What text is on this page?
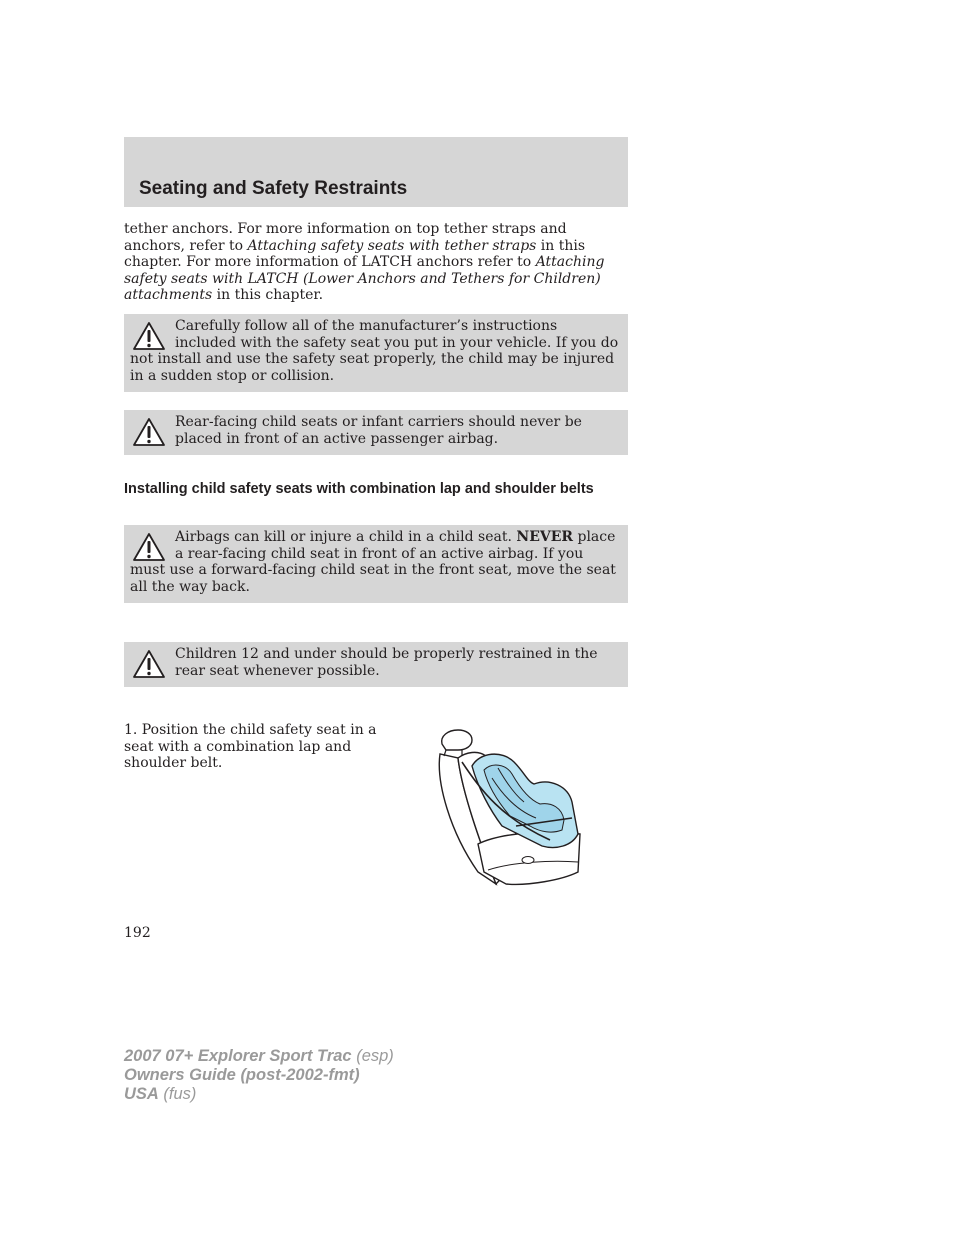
Seating and Safety Restraints

tether anchors. For more information on top tether straps and anchors, refer to Attaching safety seats with tether straps in this chapter. For more information of LATCH anchors refer to Attaching safety seats with LATCH (Lower Anchors and Tethers for Children) attachments in this chapter.

Carefully follow all of the manufacturer’s instructions included with the safety seat you put in your vehicle. If you do not install and use the safety seat properly, the child may be injured in a sudden stop or collision.

Rear-facing child seats or infant carriers should never be placed in front of an active passenger airbag.

Installing child safety seats with combination lap and shoulder belts

Airbags can kill or injure a child in a child seat. NEVER place a rear-facing child seat in front of an active airbag. If you must use a forward-facing child seat in the front seat, move the seat all the way back.

Children 12 and under should be properly restrained in the rear seat whenever possible.

1. Position the child safety seat in a seat with a combination lap and shoulder belt.

192

2007 07+ Explorer Sport Trac (esp)
Owners Guide (post-2002-fmt)
USA (fus)
